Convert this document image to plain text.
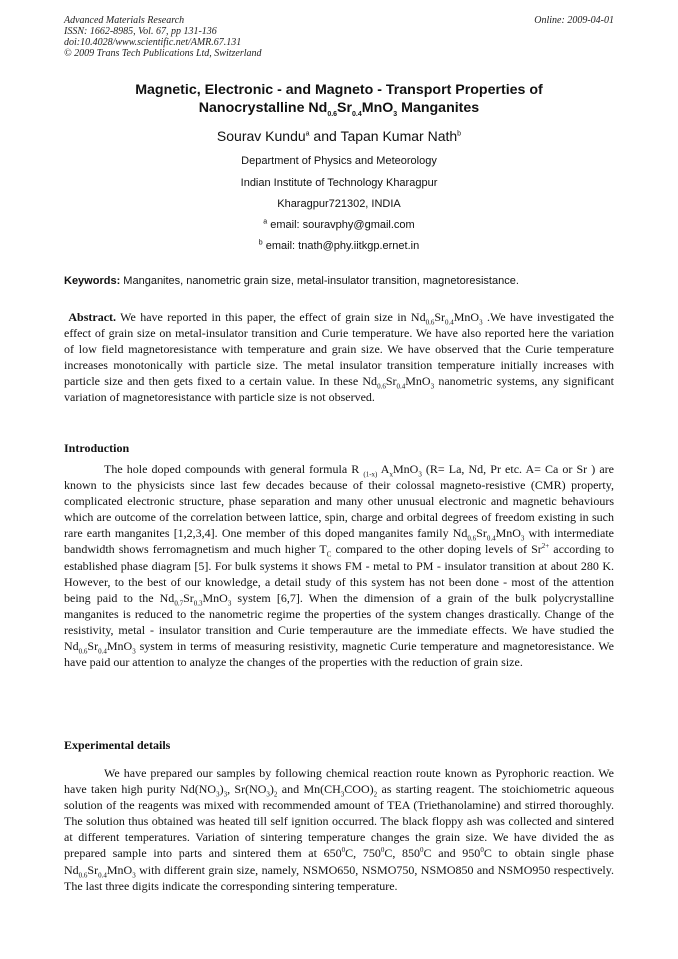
Advanced Materials Research
ISSN: 1662-8985, Vol. 67, pp 131-136
doi:10.4028/www.scientific.net/AMR.67.131
© 2009 Trans Tech Publications Ltd, Switzerland
Online: 2009-04-01
Magnetic, Electronic - and Magneto - Transport Properties of
Nanocrystalline $Nd_{0.6}Sr_{0.4}MnO_3$ Manganites
Sourav Kundu$^a$ and Tapan Kumar Nath$^b$
Department of Physics and Meteorology
Indian Institute of Technology Kharagpur
Kharagpur721302, INDIA
$^a$ email: souravphy@gmail.com
$^b$ email: tnath@phy.iitkgp.ernet.in
Keywords: Manganites, nanometric grain size, metal-insulator transition, magnetoresistance.

Abstract. We have reported in this paper, the effect of grain size in $Nd_{0.6}Sr_{0.4}MnO_3$ .We have investigated the effect of grain size on metal-insulator transition and Curie temperature. We have also reported here the variation of low field magnetoresistance with temperature and grain size. We have observed that the Curie temperature increases monotonically with particle size. The metal insulator transition temperature initially increases with particle size and then gets fixed to a certain value. In these $Nd_{0.6}Sr_{0.4}MnO_3$ nanometric systems, any significant variation of magnetoresistance with particle size is not observed.

Introduction

The hole doped compounds with general formula R $_{(1-x)}$ $A_xMnO_3$ (R= La, Nd, Pr etc. A= Ca or Sr ) are known to the physicists since last few decades because of their colossal magneto-resistive (CMR) property, complicated electronic structure, phase separation and many other unusual electronic and magnetic behaviours which are outcome of the correlation between lattice, spin, charge and orbital degrees of freedom existing in such rare earth manganites [1,2,3,4]. One member of this doped manganites family $Nd_{0.6}Sr_{0.4}MnO_3$ with intermediate bandwidth shows ferromagnetism and much higher $T_C$ compared to the other doping levels of $Sr^{2+}$ according to established phase diagram [5]. For bulk systems it shows FM - metal to PM - insulator transition at about 280 K. However, to the best of our knowledge, a detail study of this system has not been done - most of the attention being paid to the $Nd_{0.7}Sr_{0.3}MnO_3$ system [6,7]. When the dimension of a grain of the bulk polycrystalline manganites is reduced to the nanometric regime the properties of the system changes drastically. Change of the resistivity, metal - insulator transition and Curie temperauture are the immediate effects. We have studied the $Nd_{0.6}Sr_{0.4}MnO_3$ system in terms of measuring resistivity, magnetic Curie temperature and magnetoresistance. We have paid our attention to analyze the changes of the properties with the reduction of grain size.

Experimental details

We have prepared our samples by following chemical reaction route known as Pyrophoric reaction. We have taken high purity $Nd(NO_3)_3$, $Sr(NO_3)_2$ and $Mn(CH_3COO)_2$ as starting reagent. The stoichiometric aqueous solution of the reagents was mixed with recommended amount of TEA (Triethanolamine) and stirred thoroughly. The solution thus obtained was heated till self ignition occurred. The black floppy ash was collected and sintered at different temperatures. Variation of sintering temperature changes the grain size. We have divided the as prepared sample into parts and sintered them at $650^0C$, $750^0C$, $850^0C$ and $950^0C$ to obtain single phase $Nd_{0.6}Sr_{0.4}MnO_3$ with different grain size, namely, NSMO650, NSMO750, NSMO850 and NSMO950 respectively. The last three digits indicate the corresponding sintering temperature.
